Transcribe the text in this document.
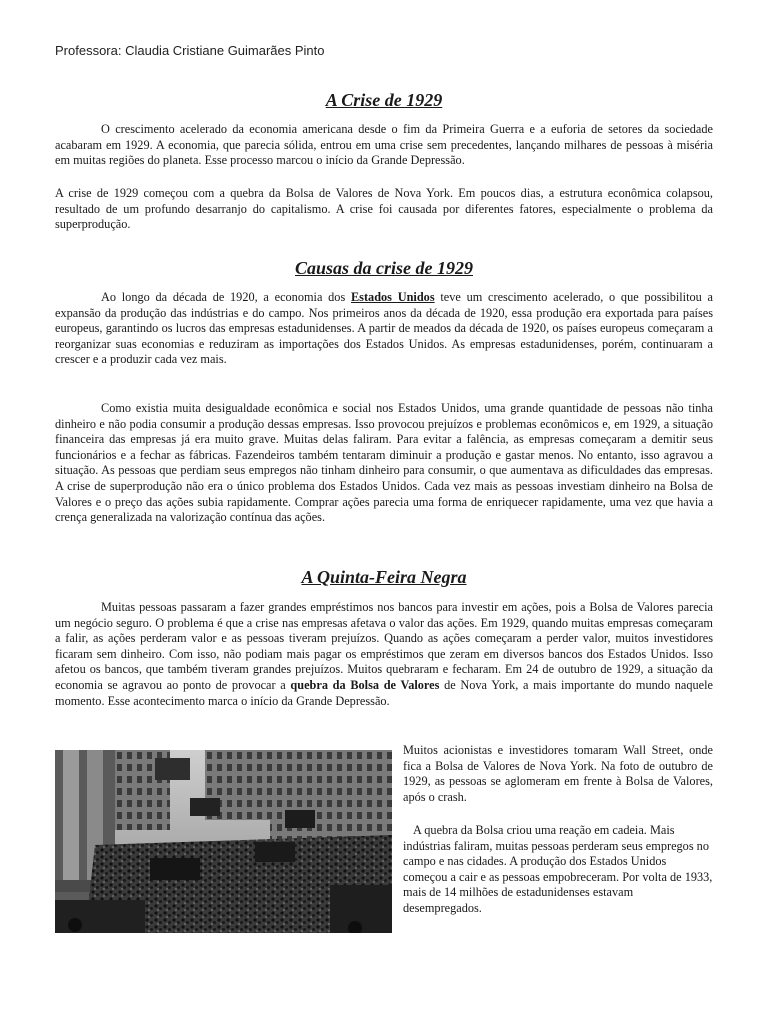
Professora: Claudia Cristiane Guimarães Pinto
A Crise de 1929

O crescimento acelerado da economia americana desde o fim da Primeira Guerra e a euforia de setores da sociedade acabaram em 1929. A economia, que parecia sólida, entrou em uma crise sem precedentes, lançando milhares de pessoas à miséria em muitas regiões do planeta. Esse processo marcou o início da Grande Depressão.

A crise de 1929 começou com a quebra da Bolsa de Valores de Nova York. Em poucos dias, a estrutura econômica colapsou, resultado de um profundo desarranjo do capitalismo. A crise foi causada por diferentes fatores, especialmente o problema da superprodução.

Causas da crise de 1929

Ao longo da década de 1920, a economia dos Estados Unidos teve um crescimento acelerado, o que possibilitou a expansão da produção das indústrias e do campo. Nos primeiros anos da década de 1920, essa produção era exportada para países europeus, garantindo os lucros das empresas estadunidenses. A partir de meados da década de 1920, os países europeus começaram a reorganizar suas economias e reduziram as importações dos Estados Unidos. As empresas estadunidenses, porém, continuaram a crescer e a produzir cada vez mais.

Como existia muita desigualdade econômica e social nos Estados Unidos, uma grande quantidade de pessoas não tinha dinheiro e não podia consumir a produção dessas empresas. Isso provocou prejuízos e problemas econômicos e, em 1929, a situação financeira das empresas já era muito grave. Muitas delas faliram. Para evitar a falência, as empresas começaram a demitir seus funcionários e a fechar as fábricas. Fazendeiros também tentaram diminuir a produção e gastar menos. No entanto, isso agravou a situação. As pessoas que perdiam seus empregos não tinham dinheiro para consumir, o que aumentava as dificuldades das empresas. A crise de superprodução não era o único problema dos Estados Unidos. Cada vez mais as pessoas investiam dinheiro na Bolsa de Valores e o preço das ações subia rapidamente. Comprar ações parecia uma forma de enriquecer rapidamente, uma vez que havia a crença generalizada na valorização contínua das ações.

A Quinta-Feira Negra

Muitas pessoas passaram a fazer grandes empréstimos nos bancos para investir em ações, pois a Bolsa de Valores parecia um negócio seguro. O problema é que a crise nas empresas afetava o valor das ações. Em 1929, quando muitas empresas começaram a falir, as ações perderam valor e as pessoas tiveram prejuízos. Quando as ações começaram a perder valor, muitos investidores ficaram sem dinheiro. Com isso, não podiam mais pagar os empréstimos que zeram em diversos bancos dos Estados Unidos. Isso afetou os bancos, que também tiveram grandes prejuízos. Muitos quebraram e fecharam. Em 24 de outubro de 1929, a situação da economia se agravou ao ponto de provocar a quebra da Bolsa de Valores de Nova York, a mais importante do mundo naquele momento. Esse acontecimento marca o início da Grande Depressão.

Muitos acionistas e investidores tomaram Wall Street, onde fica a Bolsa de Valores de Nova York. Na foto de outubro de 1929, as pessoas se aglomeram em frente à Bolsa de Valores, após o crash.

A quebra da Bolsa criou uma reação em cadeia. Mais indústrias faliram, muitas pessoas perderam seus empregos no campo e nas cidades. A produção dos Estados Unidos começou a cair e as pessoas empobreceram. Por volta de 1933, mais de 14 milhões de estadunidenses estavam desempregados.
